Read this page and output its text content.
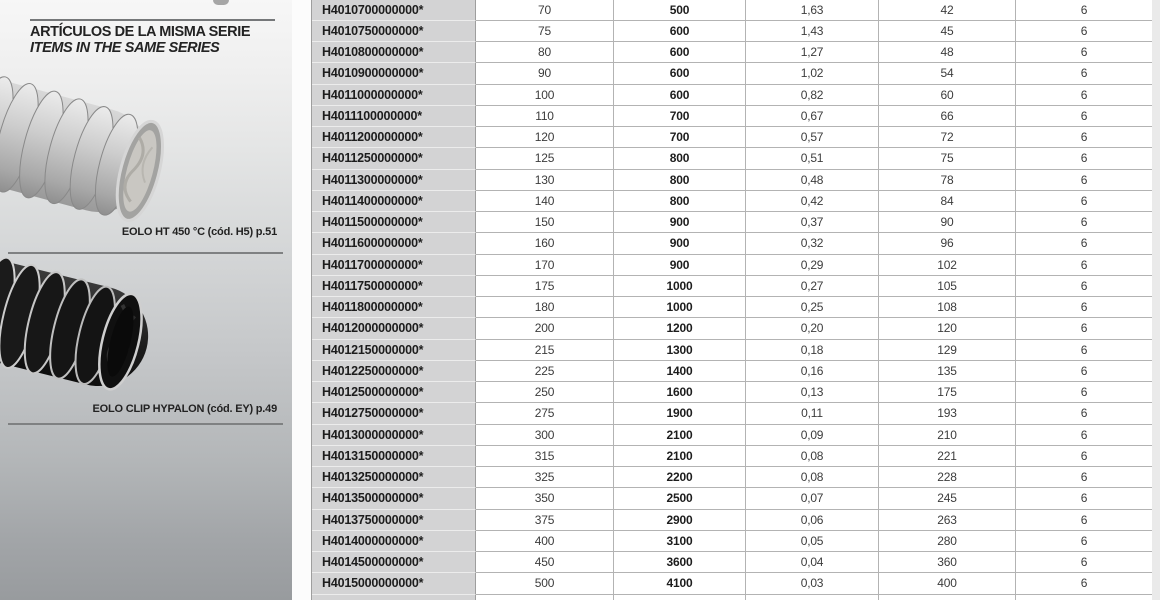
ARTÍCULOS DE LA MISMA SERIE
ITEMS IN THE SAME SERIES
EOLO HT 450 °C (cód. H5) p.51
EOLO CLIP HYPALON (cód. EY) p.49
H4010700000000*	70	500	1,63	42	6
H4010750000000*	75	600	1,43	45	6
H4010800000000*	80	600	1,27	48	6
H4010900000000*	90	600	1,02	54	6
H4011000000000*	100	600	0,82	60	6
H4011100000000*	110	700	0,67	66	6
H4011200000000*	120	700	0,57	72	6
H4011250000000*	125	800	0,51	75	6
H4011300000000*	130	800	0,48	78	6
H4011400000000*	140	800	0,42	84	6
H4011500000000*	150	900	0,37	90	6
H4011600000000*	160	900	0,32	96	6
H4011700000000*	170	900	0,29	102	6
H4011750000000*	175	1000	0,27	105	6
H4011800000000*	180	1000	0,25	108	6
H4012000000000*	200	1200	0,20	120	6
H4012150000000*	215	1300	0,18	129	6
H4012250000000*	225	1400	0,16	135	6
H4012500000000*	250	1600	0,13	175	6
H4012750000000*	275	1900	0,11	193	6
H4013000000000*	300	2100	0,09	210	6
H4013150000000*	315	2100	0,08	221	6
H4013250000000*	325	2200	0,08	228	6
H4013500000000*	350	2500	0,07	245	6
H4013750000000*	375	2900	0,06	263	6
H4014000000000*	400	3100	0,05	280	6
H4014500000000*	450	3600	0,04	360	6
H4015000000000*	500	4100	0,03	400	6
